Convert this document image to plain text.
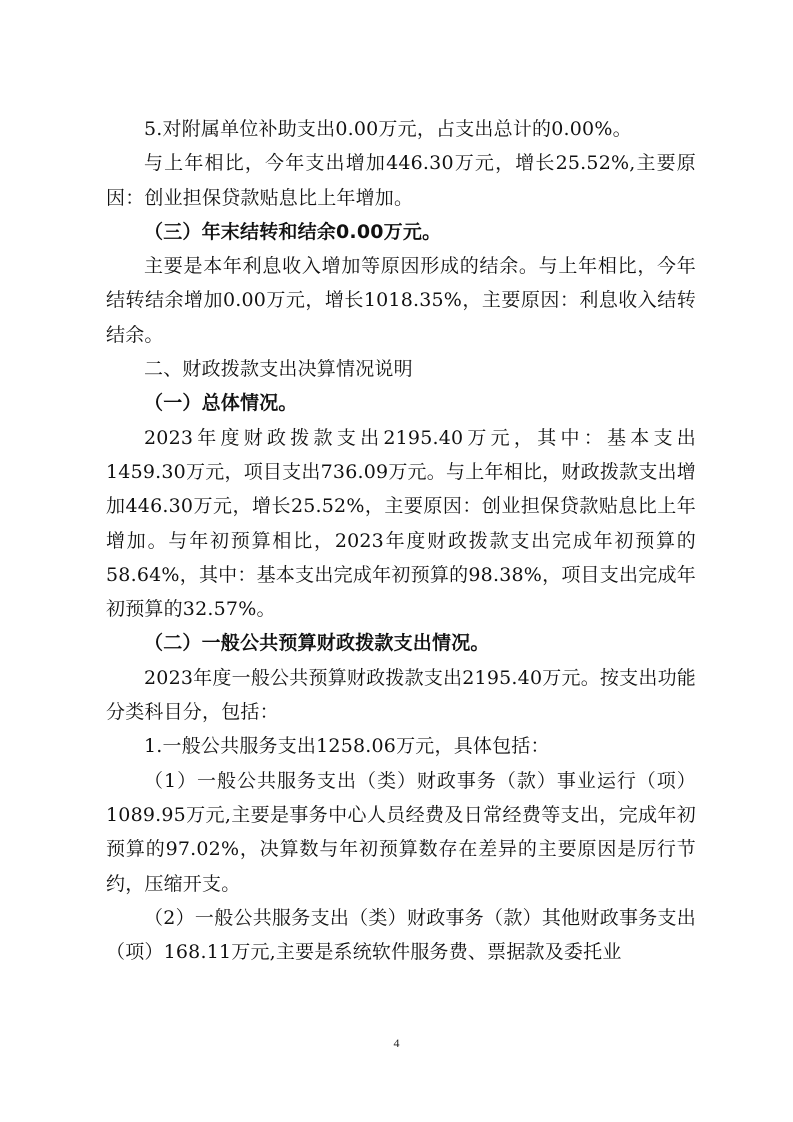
5.对附属单位补助支出0.00万元，占支出总计的0.00%。

与上年相比，今年支出增加446.30万元，增长25.52%,主要原因：创业担保贷款贴息比上年增加。

（三）年末结转和结余0.00万元。

主要是本年利息收入增加等原因形成的结余。与上年相比，今年结转结余增加0.00万元，增长1018.35%，主要原因：利息收入结转结余。

二、财政拨款支出决算情况说明

（一）总体情况。

2023年度财政拨款支出2195.40万元，其中：基本支出1459.30万元，项目支出736.09万元。与上年相比，财政拨款支出增加446.30万元，增长25.52%，主要原因：创业担保贷款贴息比上年增加。与年初预算相比，2023年度财政拨款支出完成年初预算的58.64%，其中：基本支出完成年初预算的98.38%，项目支出完成年初预算的32.57%。

（二）一般公共预算财政拨款支出情况。

2023年度一般公共预算财政拨款支出2195.40万元。按支出功能分类科目分，包括：

1.一般公共服务支出1258.06万元，具体包括：

（1）一般公共服务支出（类）财政事务（款）事业运行（项）1089.95万元,主要是事务中心人员经费及日常经费等支出，完成年初预算的97.02%，决算数与年初预算数存在差异的主要原因是厉行节约，压缩开支。

（2）一般公共服务支出（类）财政事务（款）其他财政事务支出（项）168.11万元,主要是系统软件服务费、票据款及委托业

4
